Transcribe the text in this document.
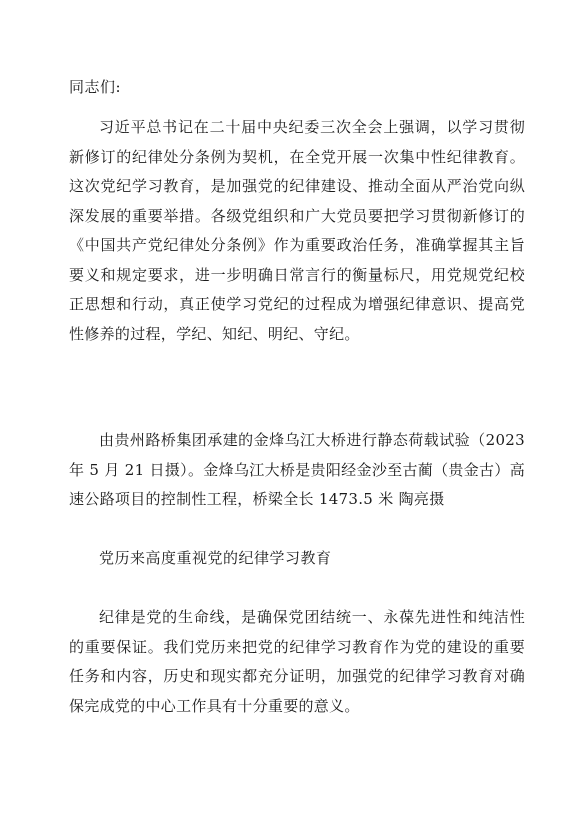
同志们:

习近平总书记在二十届中央纪委三次全会上强调，以学习贯彻新修订的纪律处分条例为契机，在全党开展一次集中性纪律教育。这次党纪学习教育，是加强党的纪律建设、推动全面从严治党向纵深发展的重要举措。各级党组织和广大党员要把学习贯彻新修订的《中国共产党纪律处分条例》作为重要政治任务，准确掌握其主旨要义和规定要求，进一步明确日常言行的衡量标尺，用党规党纪校正思想和行动，真正使学习党纪的过程成为增强纪律意识、提高党性修养的过程，学纪、知纪、明纪、守纪。

由贵州路桥集团承建的金烽乌江大桥进行静态荷载试验（2023 年 5 月 21 日摄）。金烽乌江大桥是贵阳经金沙至古蔺（贵金古）高速公路项目的控制性工程，桥梁全长 1473.5 米 陶亮摄

党历来高度重视党的纪律学习教育

纪律是党的生命线，是确保党团结统一、永葆先进性和纯洁性的重要保证。我们党历来把党的纪律学习教育作为党的建设的重要任务和内容，历史和现实都充分证明，加强党的纪律学习教育对确保完成党的中心工作具有十分重要的意义。
